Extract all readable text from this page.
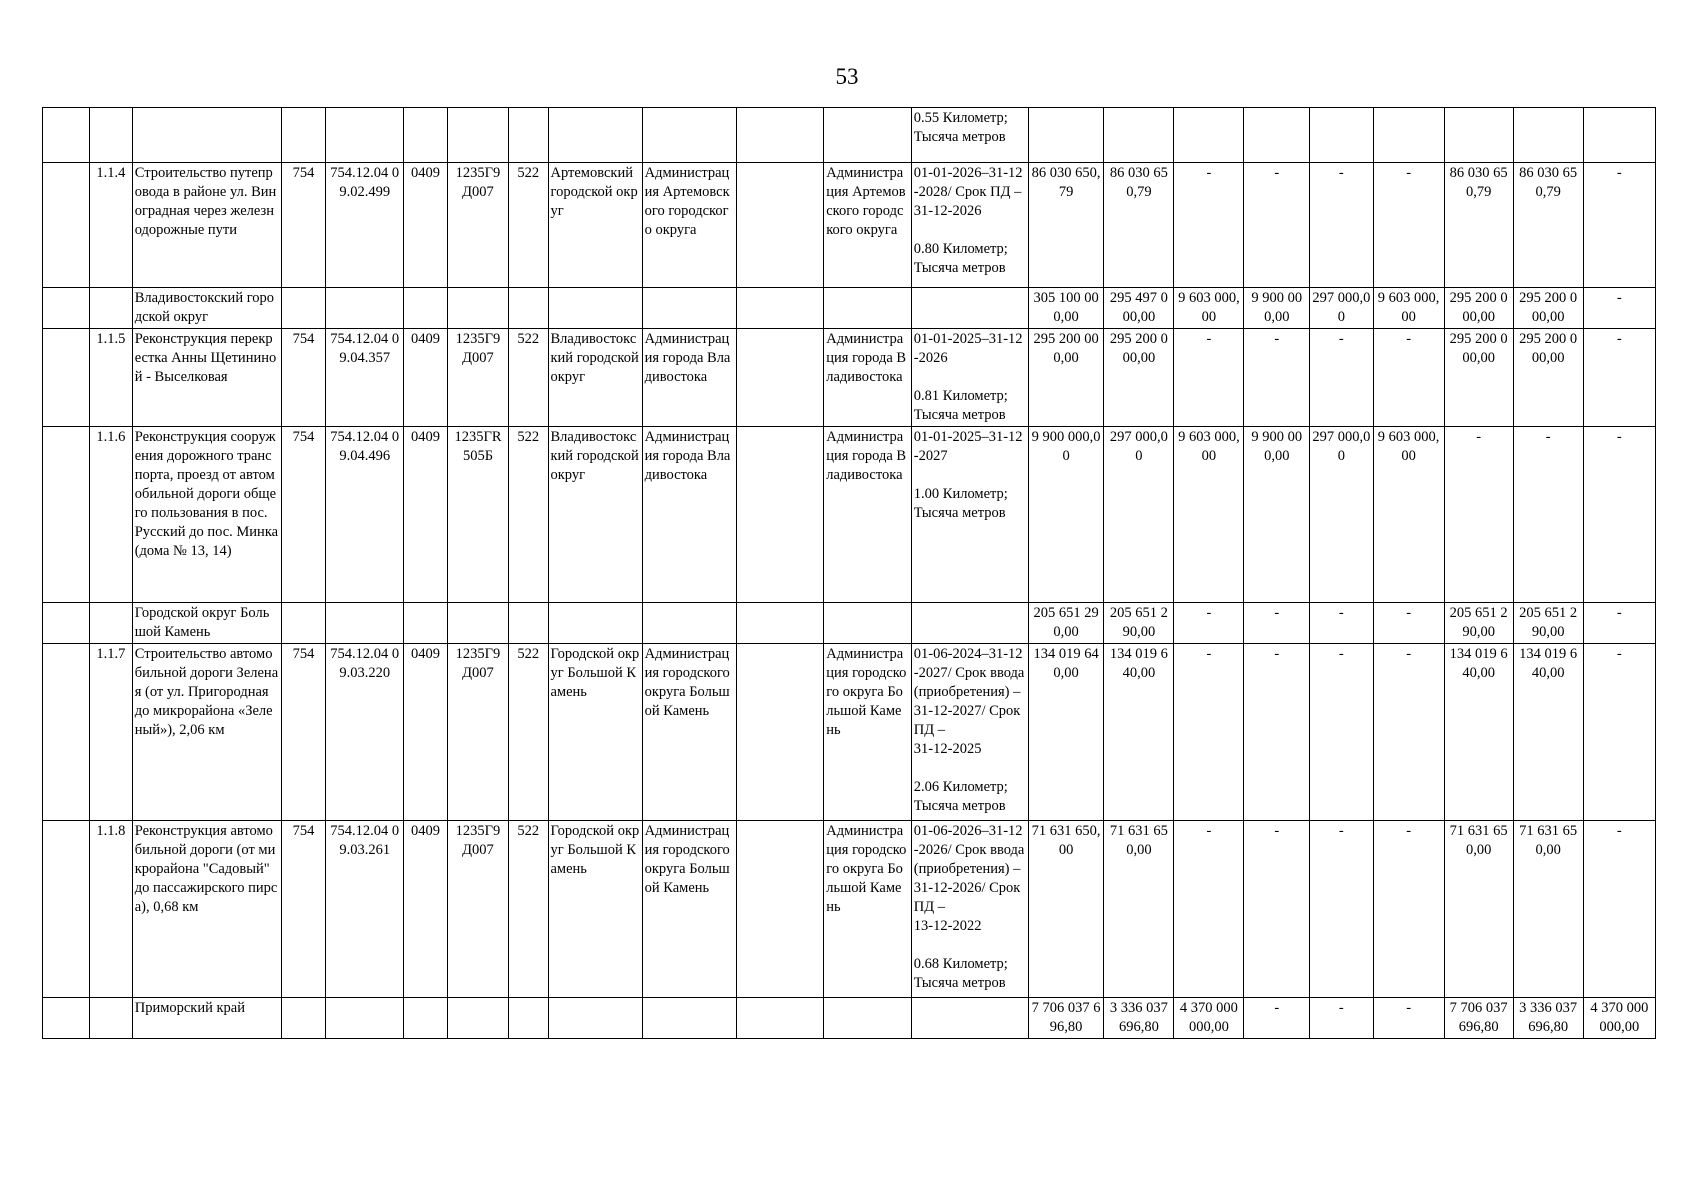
53
												0.55 Километр;
Тысяча метров									
	1.1.4	Строительство путепровода в районе ул. Виноградная через железнодорожные пути	754	754.12.04 09.02.499	0409	1235Г9 Д007	522	Артемовский городской округ	Администрация Артемовского городского округа		Администрация Артемовского городского округа	01-01-2026–31-12-2028/ Срок ПД –
31-12-2026

0.80 Километр;
Тысяча метров	86 030 650,79	86 030 650,79	-	-	-	-	86 030 650,79	86 030 650,79	-
		Владивостокский городской округ											305 100 000,00	295 497 000,00	9 603 000,00	9 900 000,00	297 000,00	9 603 000,00	295 200 000,00	295 200 000,00	-
	1.1.5	Реконструкция перекрестка Анны Щетининой - Выселковая	754	754.12.04 09.04.357	0409	1235Г9 Д007	522	Владивостокский городской округ	Администрация города Владивостока		Администрация города Владивостока	01-01-2025–31-12-2026

0.81 Километр;
Тысяча метров	295 200 000,00	295 200 000,00	-	-	-	-	295 200 000,00	295 200 000,00	-
	1.1.6	Реконструкция сооружения дорожного транспорта, проезд от автомобильной дороги общего пользования в пос. Русский до пос. Минка (дома № 13, 14)	754	754.12.04 09.04.496	0409	1235ГR 505Б	522	Владивостокский городской округ	Администрация города Владивостока		Администрация города Владивостока	01-01-2025–31-12-2027

1.00 Километр;
Тысяча метров	9 900 000,00	297 000,00	9 603 000,00	9 900 000,00	297 000,00	9 603 000,00	-	-	-
		Городской округ Большой Камень											205 651 290,00	205 651 290,00	-	-	-	-	205 651 290,00	205 651 290,00	-
	1.1.7	Строительство автомобильной дороги Зеленая (от ул. Пригородная до микрорайона «Зеленый»), 2,06 км	754	754.12.04 09.03.220	0409	1235Г9 Д007	522	Городской округ Большой Камень	Администрация городского округа Большой Камень		Администрация городского округа Большой Камень	01-06-2024–31-12-2027/ Срок ввода (приобретения) – 31-12-2027/ Срок ПД –
31-12-2025

2.06 Километр;
Тысяча метров	134 019 640,00	134 019 640,00	-	-	-	-	134 019 640,00	134 019 640,00	-
	1.1.8	Реконструкция автомобильной дороги (от микрорайона "Садовый" до пассажирского пирса), 0,68 км	754	754.12.04 09.03.261	0409	1235Г9 Д007	522	Городской округ Большой Камень	Администрация городского округа Большой Камень		Администрация городского округа Большой Камень	01-06-2026–31-12-2026/ Срок ввода (приобретения) – 31-12-2026/ Срок ПД –
13-12-2022

0.68 Километр;
Тысяча метров	71 631 650,00	71 631 650,00	-	-	-	-	71 631 650,00	71 631 650,00	-
		Приморский край											7 706 037 696,80	3 336 037 696,80	4 370 000 000,00	-	-	-	7 706 037 696,80	3 336 037 696,80	4 370 000 000,00
